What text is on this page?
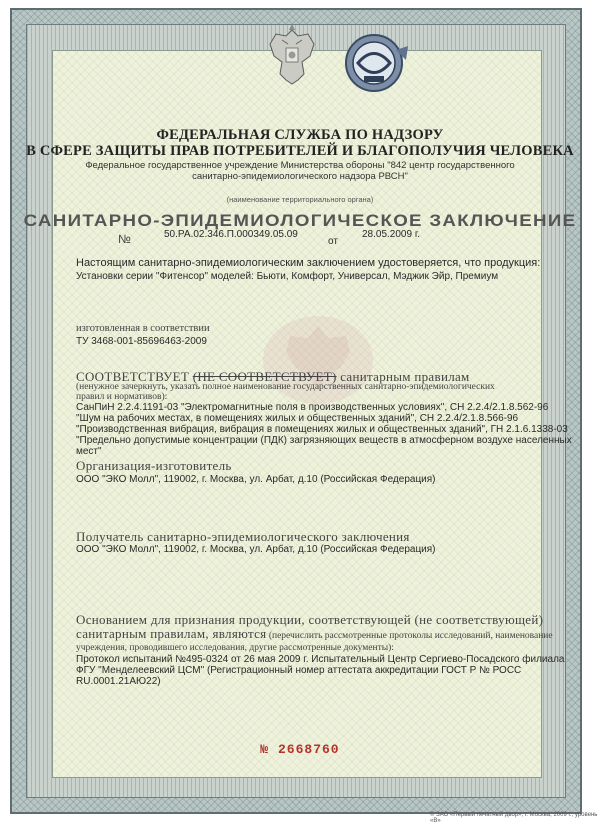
ФЕДЕРАЛЬНАЯ СЛУЖБА ПО НАДЗОРУ

В СФЕРЕ ЗАЩИТЫ ПРАВ ПОТРЕБИТЕЛЕЙ И БЛАГОПОЛУЧИЯ ЧЕЛОВЕКА

Федеральное государственное учреждение Министерства обороны "842 центр государственного

санитарно-эпидемиологического надзора РВСН"

(наименование территориального органа)

САНИТАРНО-ЭПИДЕМИОЛОГИЧЕСКОЕ ЗАКЛЮЧЕНИЕ

№	50.РА.02.346.П.000349.05.09

от

28.05.2009 г.

Настоящим санитарно-эпидемиологическим заключением удостоверяется, что продукция:

Установки серии "Фитенсор" моделей: Бьюти, Комфорт, Универсал, Мэджик Эйр, Премиум

изготовленная в соответствии

ТУ 3468-001-85696463-2009

СООТВЕТСТВУЕТ (НЕ СООТВЕТСТВУЕТ) санитарным правилам

(ненужное зачеркнуть, указать полное наименование государственных санитарно-эпидемиологических

правил и нормативов):

СанПиН 2.2.4.1191-03 "Электромагнитные поля в производственных условиях", СН 2.2.4/2.1.8.562-96

"Шум на рабочих местах, в помещениях жилых и общественных зданий", СН 2.2.4/2.1.8.566-96

"Производственная вибрация, вибрация в помещениях жилых и общественных зданий", ГН 2.1.6.1338-03

"Предельно допустимые концентрации (ПДК) загрязняющих веществ в атмосферном воздухе населенных

мест"

Организация-изготовитель

ООО "ЭКО Молл", 119002, г. Москва, ул. Арбат, д.10 (Российская Федерация)

Получатель санитарно-эпидемиологического заключения

ООО "ЭКО Молл", 119002, г. Москва, ул. Арбат, д.10 (Российская Федерация)

Основанием для признания продукции, соответствующей (не соответствующей)

санитарным правилам, являются (перечислить рассмотренные протоколы исследований, наименование

учреждения, проводившего исследования, другие рассмотренные документы):

Протокол испытаний №495-0324 от 26 мая 2009 г. Испытательный Центр Сергиево-Посадского филиала

ФГУ "Менделеевский ЦСМ" (Регистрационный номер аттестата аккредитации ГОСТ Р № РОСС

RU.0001.21АЮ22)

№ 2668760

© ЗАО «Первый печатный двор», г. Москва, 2009 г., уровень «В»
